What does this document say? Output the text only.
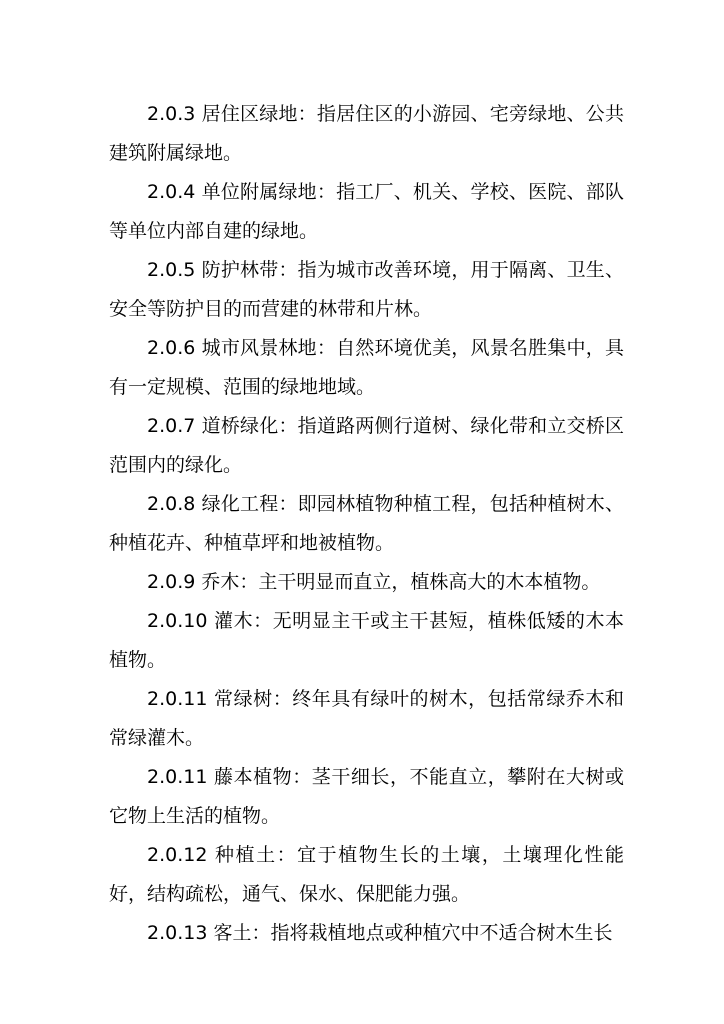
2.0.3 居住区绿地：指居住区的小游园、宅旁绿地、公共建筑附属绿地。

2.0.4 单位附属绿地：指工厂、机关、学校、医院、部队等单位内部自建的绿地。

2.0.5 防护林带：指为城市改善环境，用于隔离、卫生、安全等防护目的而营建的林带和片林。

2.0.6 城市风景林地：自然环境优美，风景名胜集中，具有一定规模、范围的绿地地域。

2.0.7 道桥绿化：指道路两侧行道树、绿化带和立交桥区范围内的绿化。

2.0.8 绿化工程：即园林植物种植工程，包括种植树木、种植花卉、种植草坪和地被植物。

2.0.9 乔木：主干明显而直立，植株高大的木本植物。

2.0.10 灌木：无明显主干或主干甚短，植株低矮的木本植物。

2.0.11 常绿树：终年具有绿叶的树木，包括常绿乔木和常绿灌木。

2.0.11 藤本植物：茎干细长，不能直立，攀附在大树或它物上生活的植物。

2.0.12 种植土：宜于植物生长的土壤，土壤理化性能好，结构疏松，通气、保水、保肥能力强。

2.0.13 客土：指将栽植地点或种植穴中不适合树木生长
